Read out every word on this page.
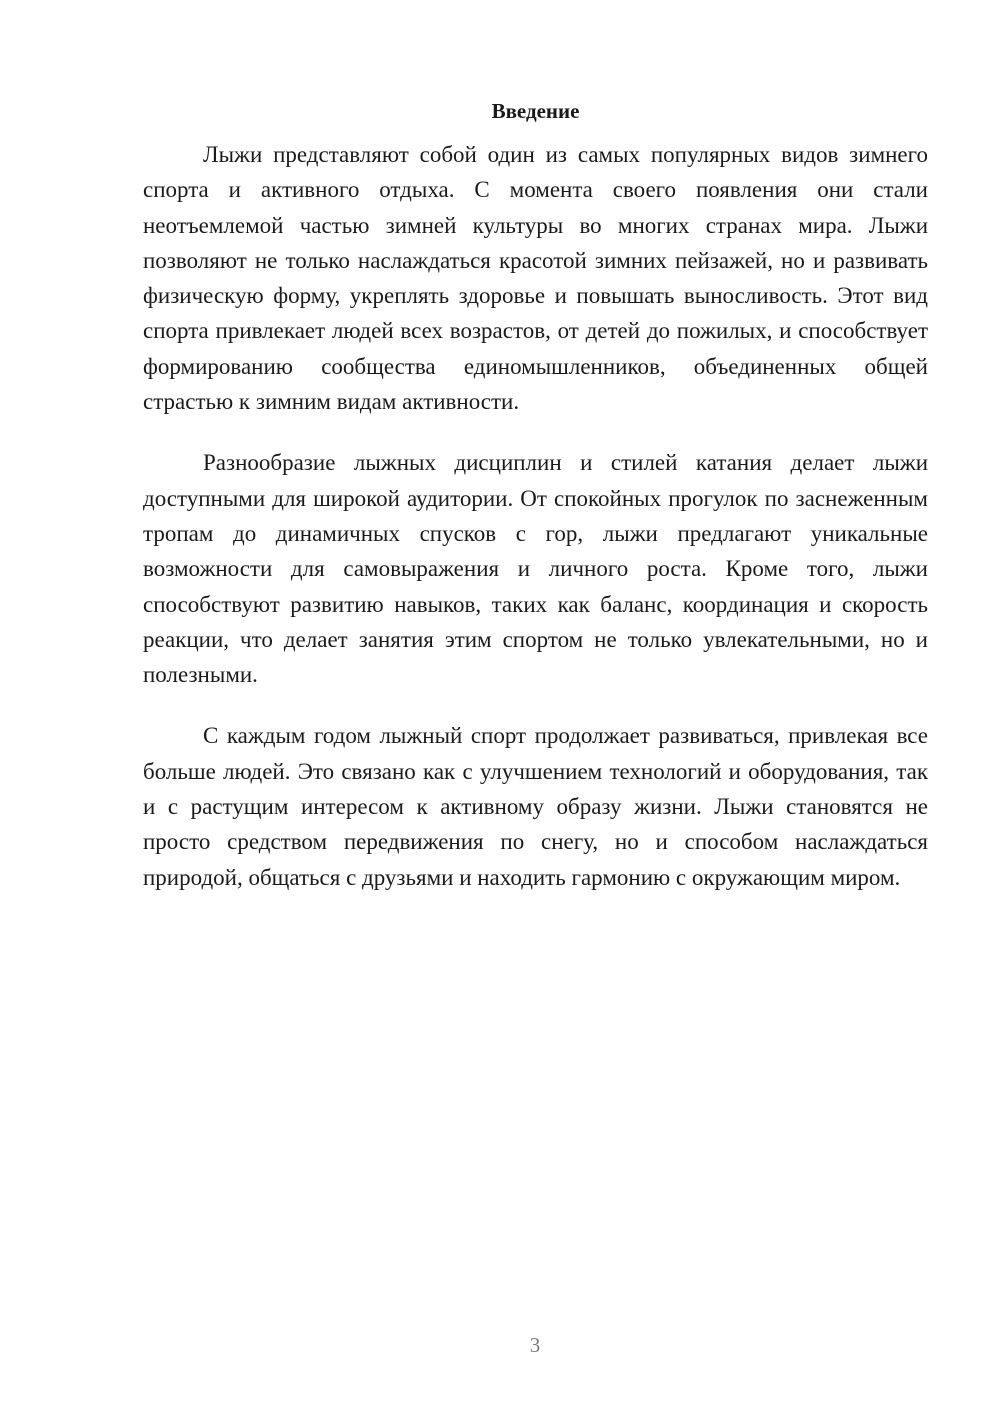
Введение

Лыжи представляют собой один из самых популярных видов зимнего спорта и активного отдыха. С момента своего появления они стали неотъемлемой частью зимней культуры во многих странах мира. Лыжи позволяют не только наслаждаться красотой зимних пейзажей, но и развивать физическую форму, укреплять здоровье и повышать выносливость. Этот вид спорта привлекает людей всех возрастов, от детей до пожилых, и способствует формированию сообщества единомышленников, объединенных общей страстью к зимним видам активности.

Разнообразие лыжных дисциплин и стилей катания делает лыжи доступными для широкой аудитории. От спокойных прогулок по заснеженным тропам до динамичных спусков с гор, лыжи предлагают уникальные возможности для самовыражения и личного роста. Кроме того, лыжи способствуют развитию навыков, таких как баланс, координация и скорость реакции, что делает занятия этим спортом не только увлекательными, но и полезными.

С каждым годом лыжный спорт продолжает развиваться, привлекая все больше людей. Это связано как с улучшением технологий и оборудования, так и с растущим интересом к активному образу жизни. Лыжи становятся не просто средством передвижения по снегу, но и способом наслаждаться природой, общаться с друзьями и находить гармонию с окружающим миром.

3
